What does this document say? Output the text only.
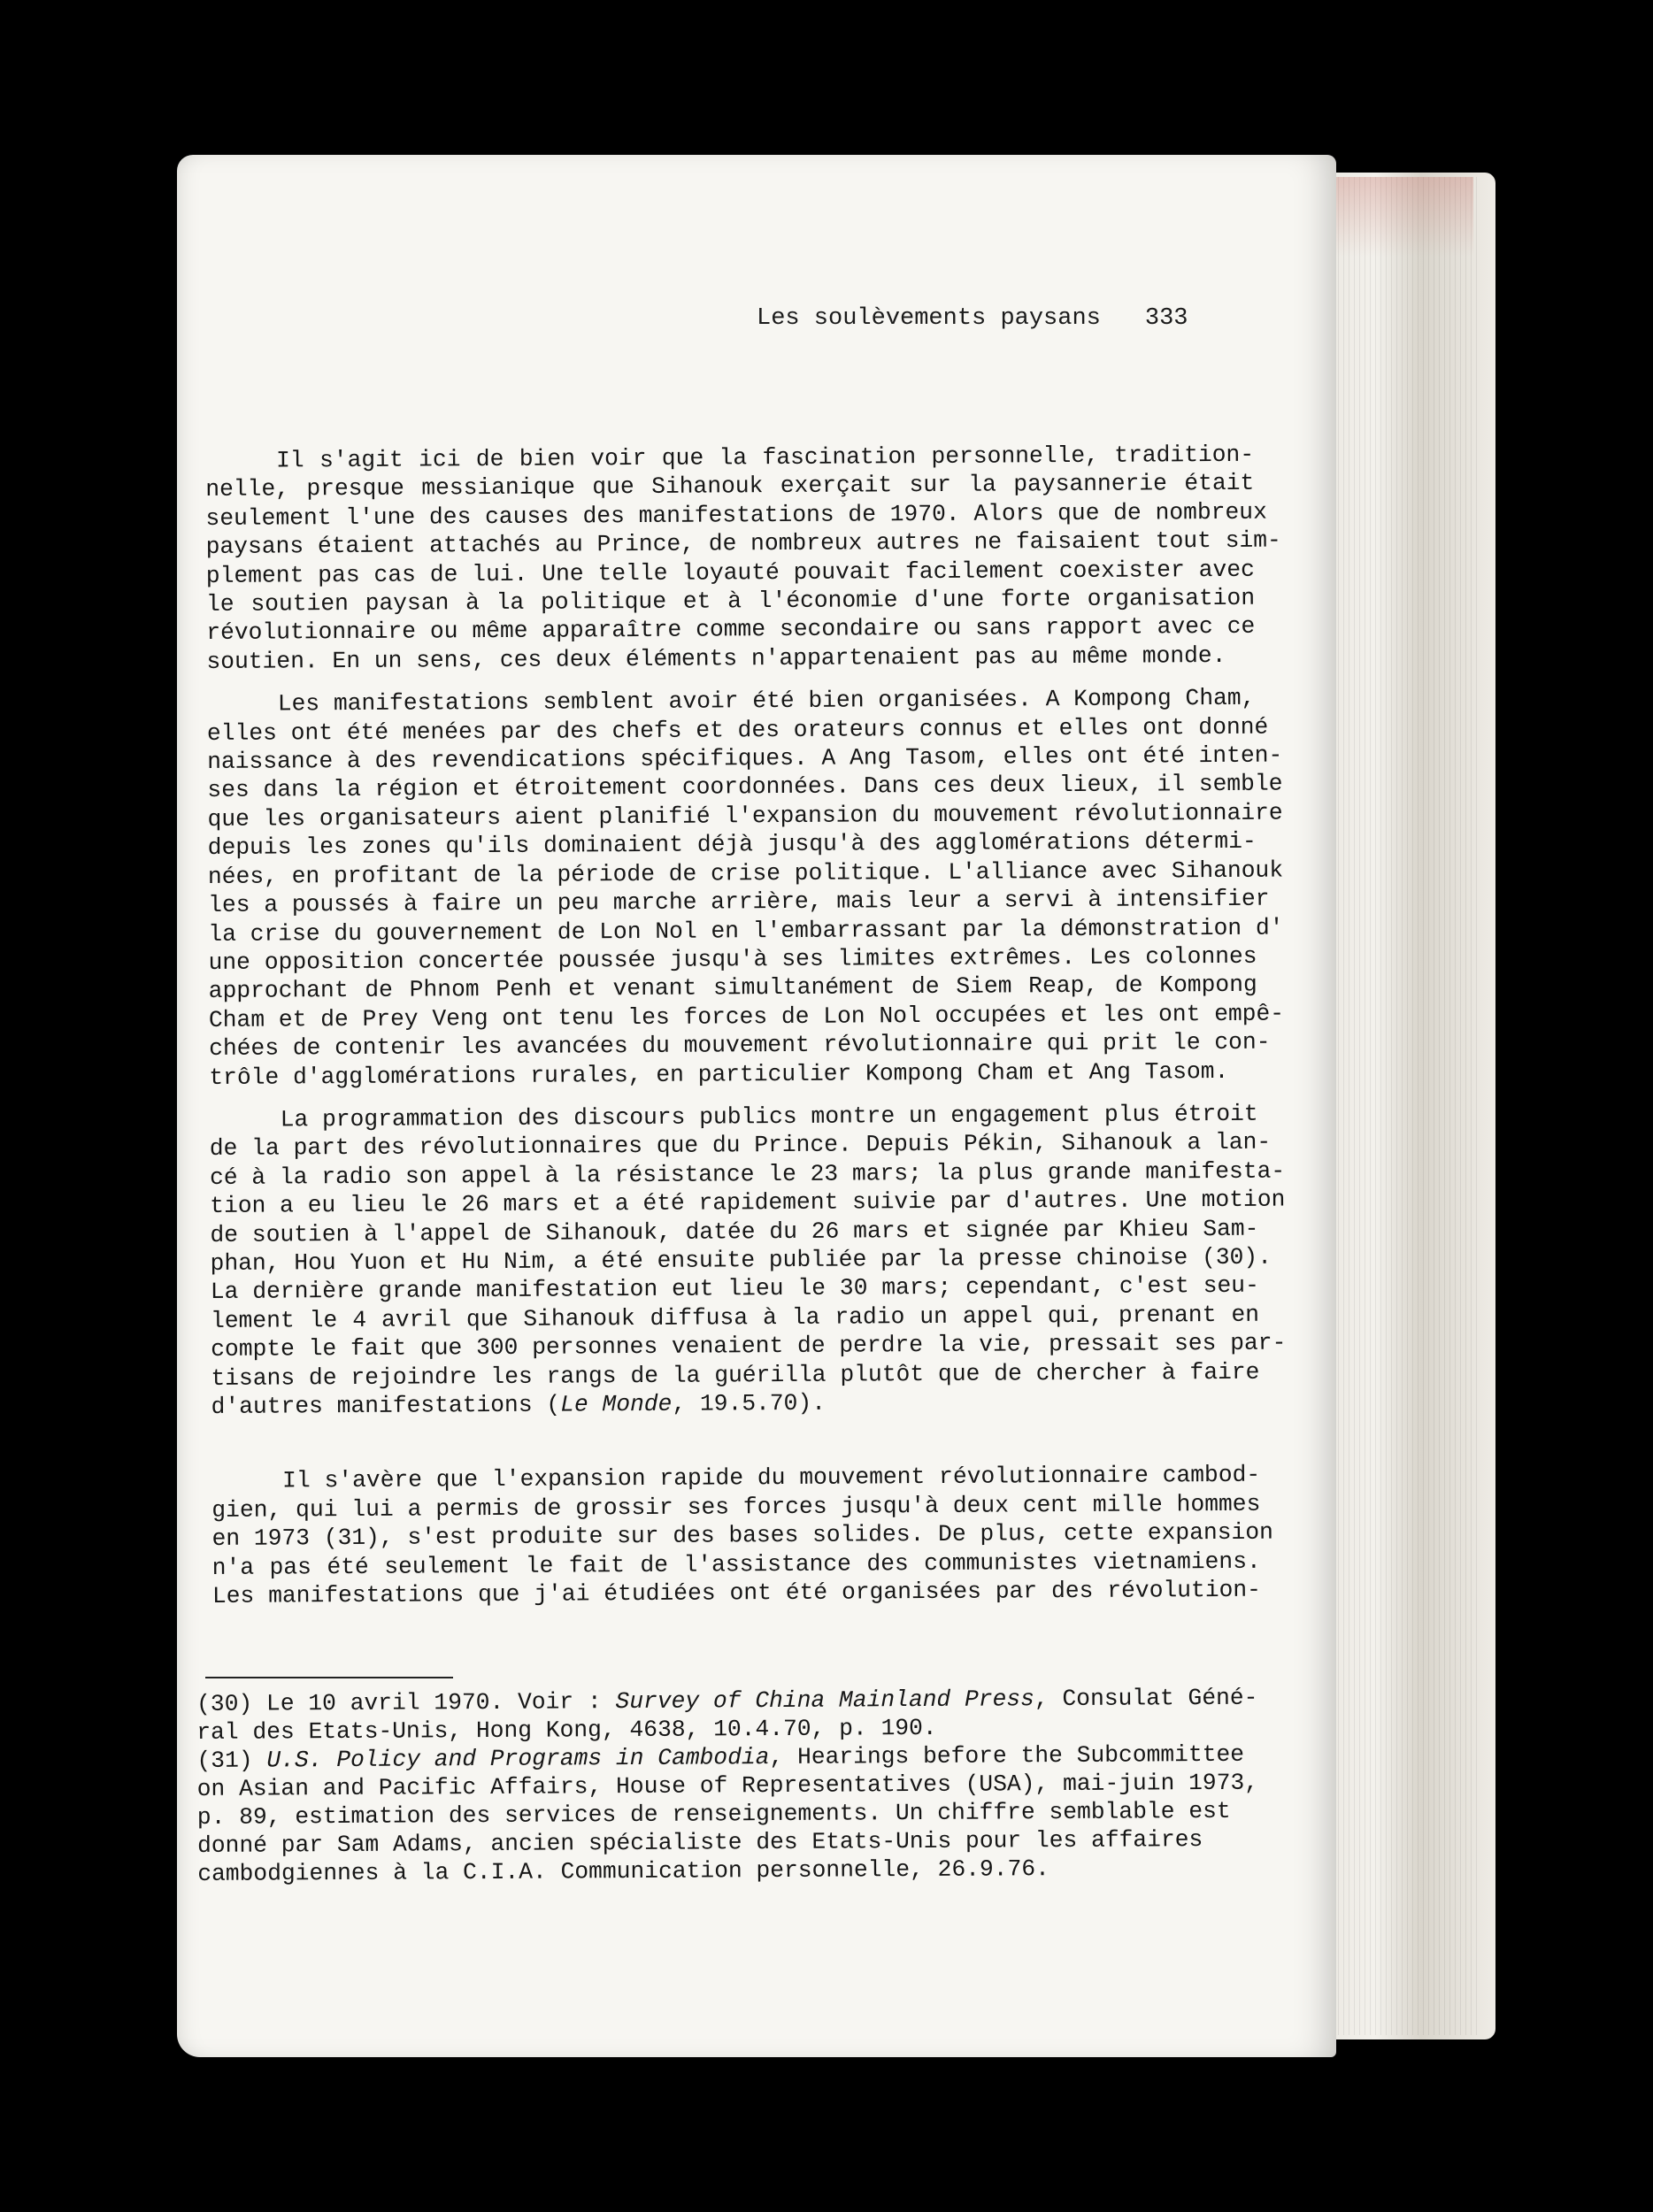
Les soulèvements paysans 333
Il s'agit ici de bien voir que la fascination personnelle, tradition-
nelle, presque messianique que Sihanouk exerçait sur la paysannerie était
seulement l'une des causes des manifestations de 1970. Alors que de nombreux
paysans étaient attachés au Prince, de nombreux autres ne faisaient tout sim-
plement pas cas de lui. Une telle loyauté pouvait facilement coexister avec
le soutien paysan à la politique et à l'économie d'une forte organisation
révolutionnaire ou même apparaître comme secondaire ou sans rapport avec ce
soutien. En un sens, ces deux éléments n'appartenaient pas au même monde.
Les manifestations semblent avoir été bien organisées. A Kompong Cham,
elles ont été menées par des chefs et des orateurs connus et elles ont donné
naissance à des revendications spécifiques. A Ang Tasom, elles ont été inten-
ses dans la région et étroitement coordonnées. Dans ces deux lieux, il semble
que les organisateurs aient planifié l'expansion du mouvement révolutionnaire
depuis les zones qu'ils dominaient déjà jusqu'à des agglomérations détermi-
nées, en profitant de la période de crise politique. L'alliance avec Sihanouk
les a poussés à faire un peu marche arrière, mais leur a servi à intensifier
la crise du gouvernement de Lon Nol en l'embarrassant par la démonstration d'
une opposition concertée poussée jusqu'à ses limites extrêmes. Les colonnes
approchant de Phnom Penh et venant simultanément de Siem Reap, de Kompong
Cham et de Prey Veng ont tenu les forces de Lon Nol occupées et les ont empê-
chées de contenir les avancées du mouvement révolutionnaire qui prit le con-
trôle d'agglomérations rurales, en particulier Kompong Cham et Ang Tasom.
La programmation des discours publics montre un engagement plus étroit
de la part des révolutionnaires que du Prince. Depuis Pékin, Sihanouk a lan-
cé à la radio son appel à la résistance le 23 mars; la plus grande manifesta-
tion a eu lieu le 26 mars et a été rapidement suivie par d'autres. Une motion
de soutien à l'appel de Sihanouk, datée du 26 mars et signée par Khieu Sam-
phan, Hou Yuon et Hu Nim, a été ensuite publiée par la presse chinoise (30).
La dernière grande manifestation eut lieu le 30 mars; cependant, c'est seu-
lement le 4 avril que Sihanouk diffusa à la radio un appel qui, prenant en
compte le fait que 300 personnes venaient de perdre la vie, pressait ses par-
tisans de rejoindre les rangs de la guérilla plutôt que de chercher à faire
d'autres manifestations (Le Monde, 19.5.70).
Il s'avère que l'expansion rapide du mouvement révolutionnaire cambod-
gien, qui lui a permis de grossir ses forces jusqu'à deux cent mille hommes
en 1973 (31), s'est produite sur des bases solides. De plus, cette expansion
n'a pas été seulement le fait de l'assistance des communistes vietnamiens.
Les manifestations que j'ai étudiées ont été organisées par des révolution-
(30) Le 10 avril 1970. Voir : Survey of China Mainland Press, Consulat Géné-
ral des Etats-Unis, Hong Kong, 4638, 10.4.70, p. 190.
(31) U.S. Policy and Programs in Cambodia, Hearings before the Subcommittee
on Asian and Pacific Affairs, House of Representatives (USA), mai-juin 1973,
p. 89, estimation des services de renseignements. Un chiffre semblable est
donné par Sam Adams, ancien spécialiste des Etats-Unis pour les affaires
cambodgiennes à la C.I.A. Communication personnelle, 26.9.76.
